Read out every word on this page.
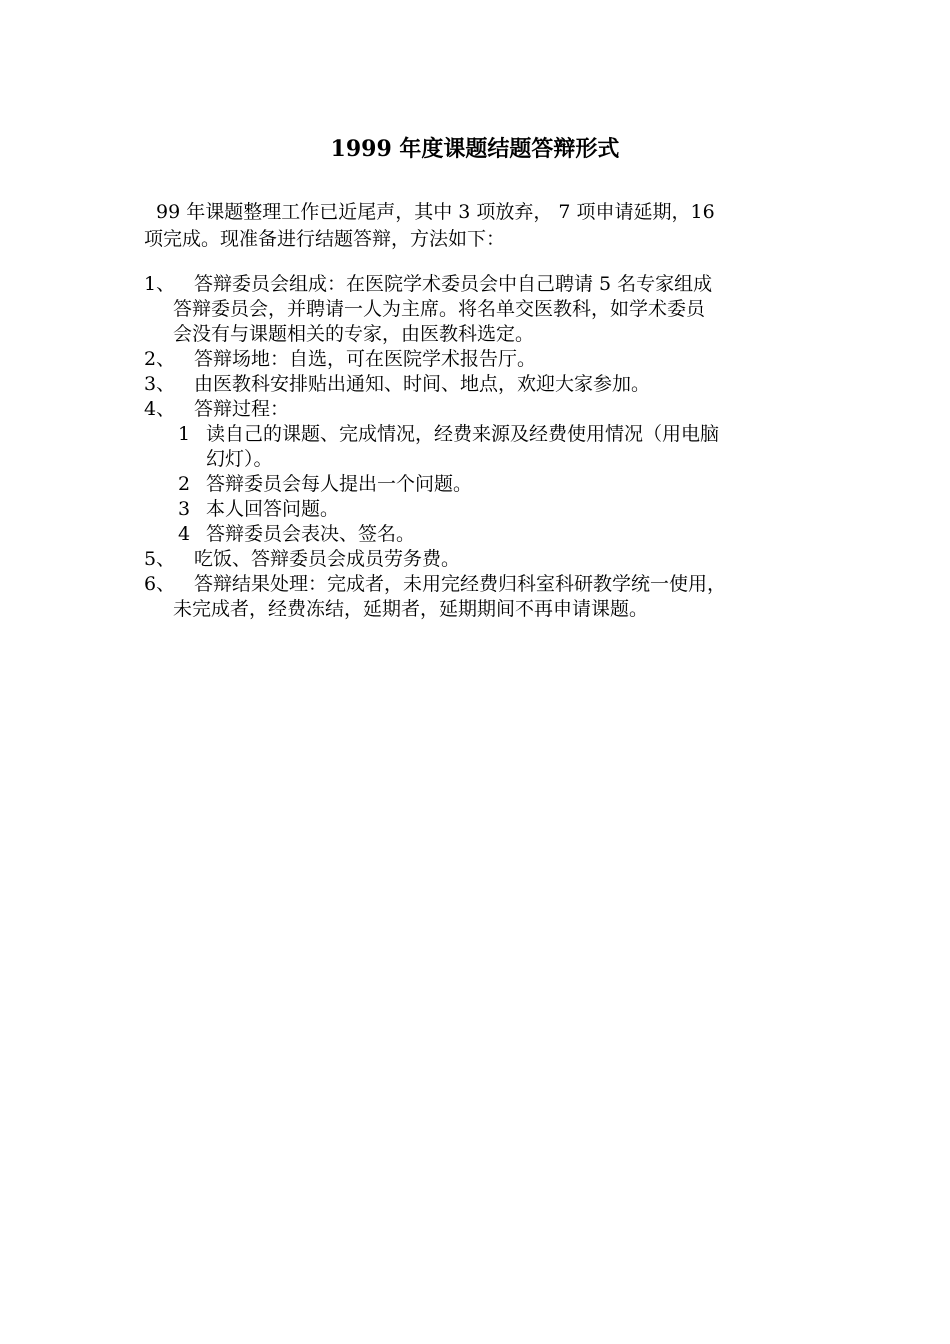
1999 年度课题结题答辩形式
99 年课题整理工作已近尾声，其中 3 项放弃， 7 项申请延期，16
项完成。现准备进行结题答辩，方法如下：
1、 答辩委员会组成：在医院学术委员会中自己聘请 5 名专家组成
答辩委员会，并聘请一人为主席。将名单交医教科，如学术委员
会没有与课题相关的专家，由医教科选定。
2、 答辩场地：自选，可在医院学术报告厅。
3、 由医教科安排贴出通知、时间、地点，欢迎大家参加。
4、 答辩过程：
1 读自己的课题、完成情况，经费来源及经费使用情况（用电脑
幻灯）。
2 答辩委员会每人提出一个问题。
3 本人回答问题。
4 答辩委员会表决、签名。
5、 吃饭、答辩委员会成员劳务费。
6、 答辩结果处理：完成者，未用完经费归科室科研教学统一使用，
未完成者，经费冻结，延期者，延期期间不再申请课题。
